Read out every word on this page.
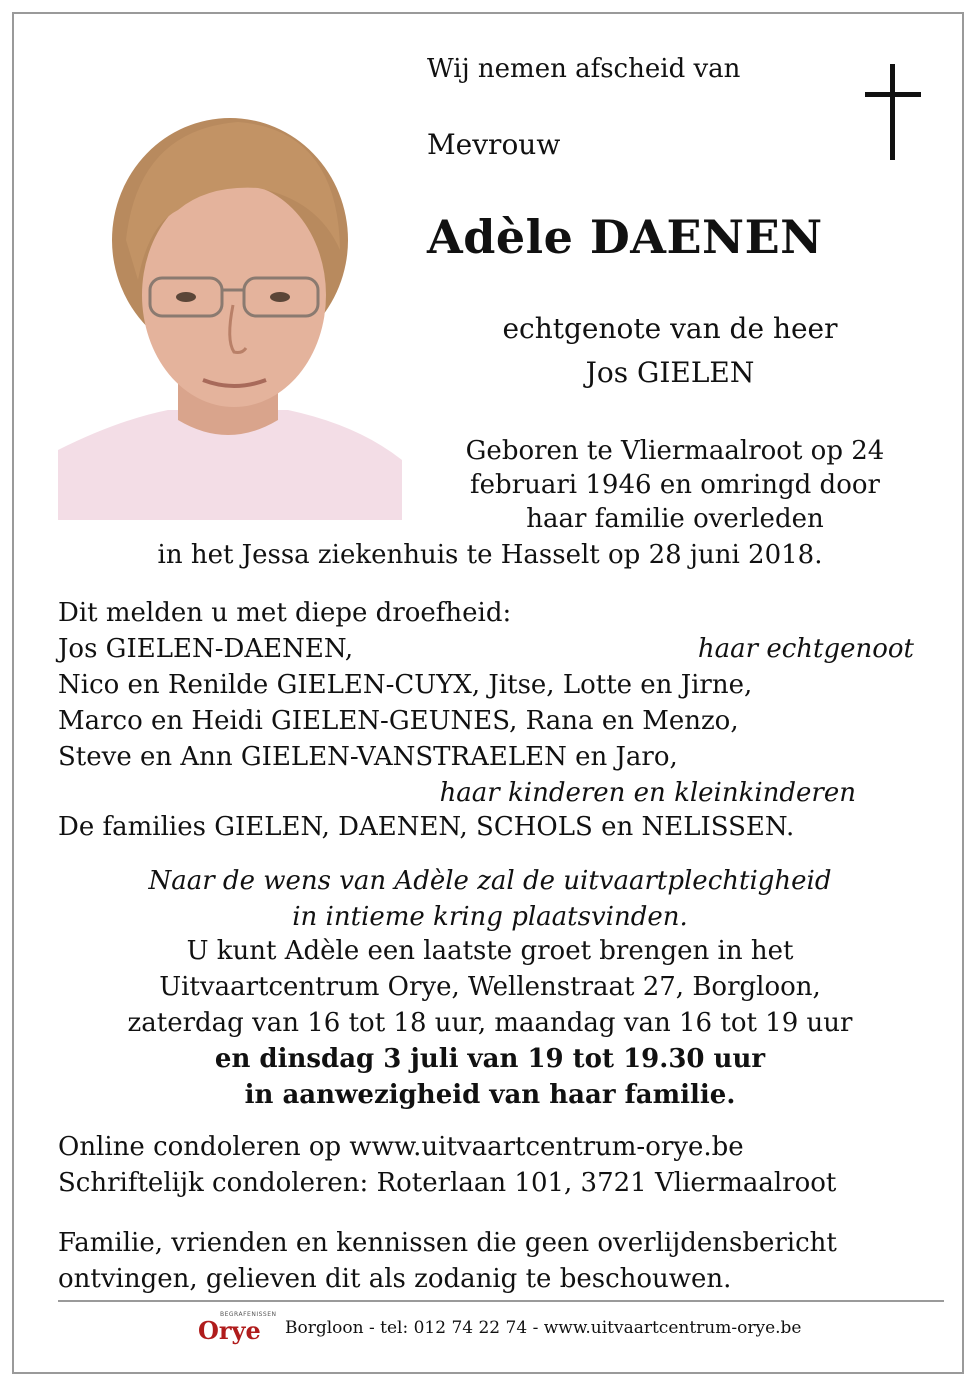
Wij nemen afscheid van
Mevrouw
Adèle DAENEN
echtgenote van de heer
Jos GIELEN
Geboren te Vliermaalroot op 24
februari 1946 en omringd door
haar familie overleden
in het Jessa ziekenhuis te Hasselt op 28 juni 2018.
Dit melden u met diepe droefheid:
Jos GIELEN-DAENEN,	haar echtgenoot
Nico en Renilde GIELEN-CUYX, Jitse, Lotte en Jirne,
Marco en Heidi GIELEN-GEUNES, Rana en Menzo,
Steve en Ann GIELEN-VANSTRAELEN en Jaro,
haar kinderen en kleinkinderen
De families GIELEN, DAENEN, SCHOLS en NELISSEN.
Naar de wens van Adèle zal de uitvaartplechtigheid
in intieme kring plaatsvinden.
U kunt Adèle een laatste groet brengen in het
Uitvaartcentrum Orye, Wellenstraat 27, Borgloon,
zaterdag van 16 tot 18 uur, maandag van 16 tot 19 uur
en dinsdag 3 juli van 19 tot 19.30 uur
in aanwezigheid van haar familie.
Online condoleren op www.uitvaartcentrum-orye.be
Schriftelijk condoleren: Roterlaan 101, 3721 Vliermaalroot
Familie, vrienden en kennissen die geen overlijdensbericht
ontvingen, gelieven dit als zodanig te beschouwen.
BEGRAFENISSEN
Orye Borgloon - tel: 012 74 22 74 - www.uitvaartcentrum-orye.be
